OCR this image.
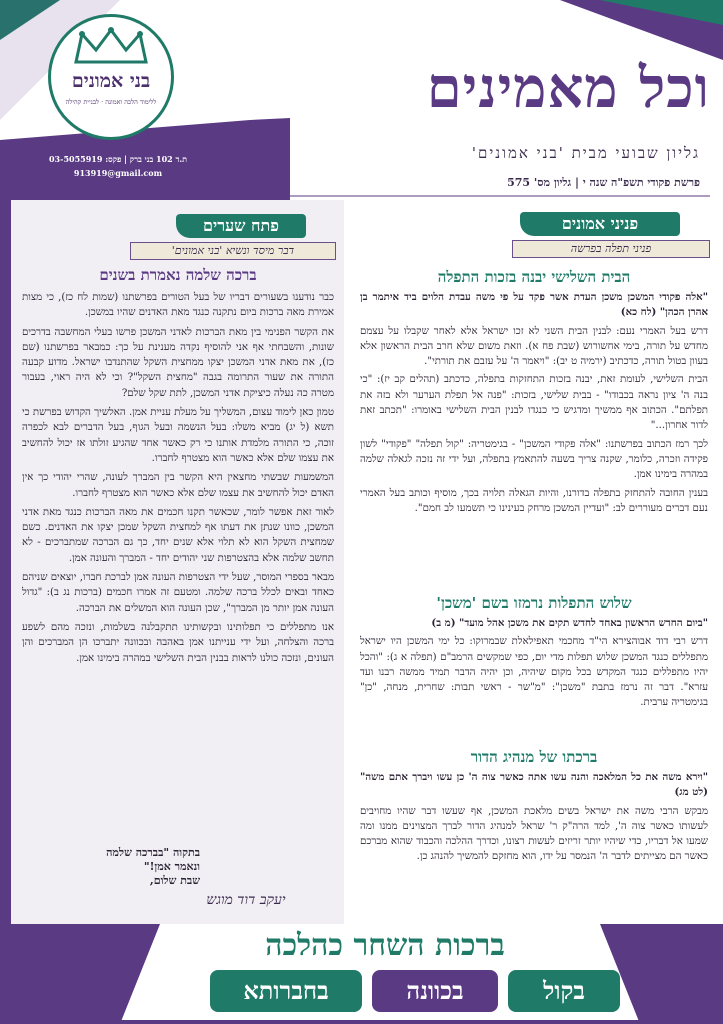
בני אמונים
ללימוד הלכה ואמונה · לבניית קהילה
ת.ד 102 בני ברק | פקס: 03-5055919
913919@gmail.com
וכל מאמינים
גליון שבועי מבית 'בני אמונים'
פרשת פקודי תשפ"ה שנה י | גליון מס' 575
פתח שערים
דבר מיסד ונשיא 'בני אמונים'
ברכה שלמה נאמרת בשנים

כבר נודענו בשעורים דבריו של בעל הטורים בפרשתנו (שמות לח כז), כי מצות אמירת מאה ברכות ביום נתקנה כנגד מאת האדנים שהיו במשכן.

את הקשר הפנימי בין מאת הברכות לאדני המשכן פרשו בעלי המחשבה בדרכים שונות, והשבחתי אף אני להוסיף נקדה מענינת על כך: כמבאר בפרשתנו (שם כז), את מאת אדני המשכן יצקו ממחצית השקל שהתנדבו ישראל. מדוע קבעה התורה את שעור התרומה בגבה "מחצית השקל"? וכי לא היה ראוי, בעבור מטרה כה נעלה כיציקת אדני המשכן, לתת שקל שלם?

טמון כאן לימוד עצום, המשליך על מעלת עניית אמן. האלשיך הקדוש בפרשת כי תשא (ל יג) מביא משלו: בעל הנשמה ובעל הגוף, בעל הדברים לבא לכפרה זוכה, כי התורה מלמדת אותנו כי רק כאשר אחד שהגיע זולתו אז יכול להחשיב את עצמו שלם אלא כאשר הוא מצטרף לחברו.

המשמעות שבשתי מחצאין היא הקשר בין המברך לעונה, שהרי יהודי כך אין האדם יכול להחשיב את עצמו שלם אלא כאשר הוא מצטרף לחברו.

לאור זאת אפשר לומר, שכאשר תקנו חכמים את מאה הברכות כנגד מאת אדני המשכן, כוונו שנתן את דעתו אף למחצית השקל שמכן יצקו את האדנים. כשם שמחצית השקל הוא לא תלוי אלא שנים יחד, כך גם הברכה שמתברכים - לא תחשב שלמה אלא בהצטרפות שני יהודים יחד - המברך והעונה אמן.

מבאר בספרי המוסר, שעל ידי הצטרפות העונה אמן לברכת חברו, יוצאים שניהם כאחד ובאים לכלל ברכה שלמה. ומטעם זה אמרו חכמים (ברכות נג ב): "גדול העונה אמן יותר מן המברך", שכן העונה הוא המשלים את הברכה.

אנו מתפללים כי תפלותינו ובקשותינו תתקבלנה בשלמות, ונזכה מהם לשפע ברכה והצלחה, ועל ידי ענייתנו אמן באהבה ובכוונה יתברכו הן המברכים והן העונים, ונזכה כולנו לראות בבנין הבית השלישי במהרה בימינו אמן.

בתקוה "בברכה שלמה
ונאמר אמן!"
שבת שלום,
יעקב דוד מוגש
פניני אמונים
פניני תפלה בפרשה
הבית השלישי יבנה בזכות התפלה

"אלה פקודי המשכן משכן העדת אשר פקד על פי משה עבדת הלוים ביד איתמר בן אהרן הכהן" (לח כא)

דרש בעל האמרי נעם: לבנין הבית השני לא זכו ישראל אלא לאחר שקבלו על עצמם מחדש על תורה, בימי אחשורוש (שבת פח א). וזאת משום שלא חרב הבית הראשון אלא בעוון בטול תורה, כדכתיב (ירמיה ט יב): "ויאמר ה' על עזבם את תורתי".

הבית השלישי, לעומת זאת, יבנה בזכות התחזקות בתפלה, כדכתב (תהלים קב יז): "כי בנה ה' ציון נראה בכבודו" - בבית שלישי, בזכות: "פנה אל תפלת הערער ולא בזה את תפלתם". הכתוב אף ממשיך ומדגיש כי כנגדו לבנין הבית השלישי באומרו: "תכתב זאת לדור אחרון..."

לכך רמז הכתוב בפרשתנו: "אלה פקודי המשכן" - בגימטריה: "קול תפלה" "פקודי" לשון פקידה וזכרה, כלומר, שקנה צריך בשעה להתאמץ בתפלה, ועל ידי זה נזכה לגאלה שלמה במהרה בימינו אמן.

בענין החובה להתחזק בתפלה בדורנו, והיות הגאלה תלויה בכך, מוסיף וכותב בעל האמרי נעם דברים מעוררים לב: "ועדיין המשכן מרחק בעינינו כי תשמעו לב חמם".

שלוש התפלות נרמזו בשם 'משכן'

"ביום החדש הראשון באחד לחדש תקים את משכן אהל מועד" (מ ב)

דרש רבי דוד אבוהצירא הי"ד מחכמי תאפילאלת שבמרוקו: כל ימי המשכן היו ישראל מתפללים כנגד המשכן שלוש תפלות מדי יום, כפי שמקשים הרמב"ם (תפלה א ג): "והכל יהיו מתפללים כנגד המקדש בכל מקום שיהיה, וכן יהיה הדבר תמיד ממשה רבנו ועד עזרא". דבר זה נרמז בתבת "משכן": "מ"שר - ראשי תבות: שחרית, מנחה, "כן" בגימטריה ערבית.

ברכתו של מנהיג הדור

"וירא משה את כל המלאכה והנה עשו אתה כאשר צוה ה' כן עשו ויברך אתם משה" (לט מג)

מבקש הרבי משה את ישראל בשים מלאכת המשכן, אף שעשו דבר שהיו מחויבים לעשותו כאשר צוה ה', למד הרה"ק ר' שראל למנהיג הדור לברך המצוינים ממנו ומה שמעו אל דבריו, כדי שיהיו יותר זריזים לעשות רצונו, וכדרך ההלכה והכבוד שהוא מברכם כאשר הם מצייתים לדבר ה' הנמסר על ידו, הוא מחזקם להמשיך להנהג כן.

ברכות השחר כהלכה
בקול
בכוונה
בחברותא
